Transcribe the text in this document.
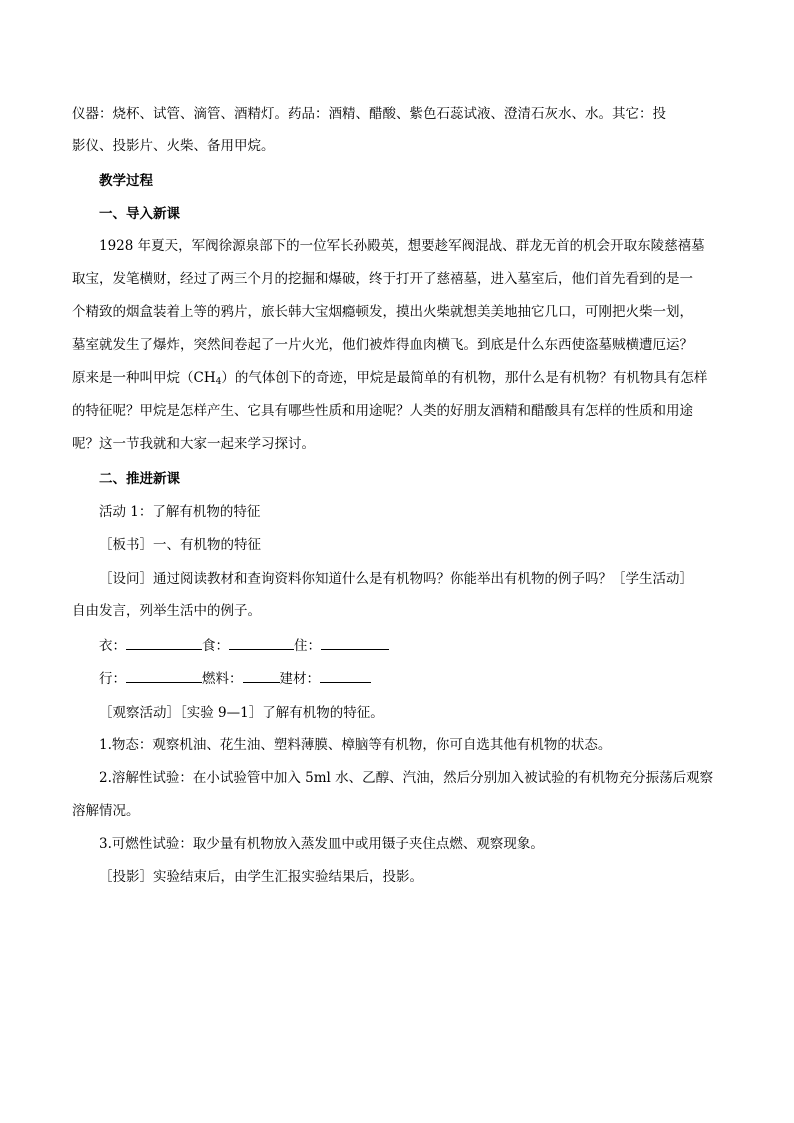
仪器：烧杯、试管、滴管、酒精灯。药品：酒精、醋酸、紫色石蕊试液、澄清石灰水、水。其它：投
影仪、投影片、火柴、备用甲烷。
教学过程
一、导入新课
1928 年夏天，军阀徐源泉部下的一位军长孙殿英，想要趁军阀混战、群龙无首的机会开取东陵慈禧墓
取宝，发笔横财，经过了两三个月的挖掘和爆破，终于打开了慈禧墓，进入墓室后，他们首先看到的是一
个精致的烟盒装着上等的鸦片，旅长韩大宝烟瘾顿发，摸出火柴就想美美地抽它几口，可刚把火柴一划，
墓室就发生了爆炸，突然间卷起了一片火光，他们被炸得血肉横飞。到底是什么东西使盗墓贼横遭厄运？
原来是一种叫甲烷$(CH_4)$的气体创下的奇迹，甲烷是最简单的有机物，那什么是有机物？有机物具有怎样
的特征呢？甲烷是怎样产生、它具有哪些性质和用途呢？人类的好朋友酒精和醋酸具有怎样的性质和用途
呢？这一节我就和大家一起来学习探讨。
二、推进新课
活动 1：了解有机物的特征
［板书］一、有机物的特征
［设问］通过阅读教材和查询资料你知道什么是有机物吗？你能举出有机物的例子吗？［学生活动］
自由发言，列举生活中的例子。
衣：	食：	住：
行：	燃料：	建材：
［观察活动］［实验 9—1］了解有机物的特征。
1.物态：观察机油、花生油、塑料薄膜、樟脑等有机物，你可自选其他有机物的状态。
2.溶解性试验：在小试验管中加入 5ml 水、乙醇、汽油，然后分别加入被试验的有机物充分振荡后观察
溶解情况。
3.可燃性试验：取少量有机物放入蒸发皿中或用镊子夹住点燃、观察现象。
［投影］实验结束后，由学生汇报实验结果后，投影。
